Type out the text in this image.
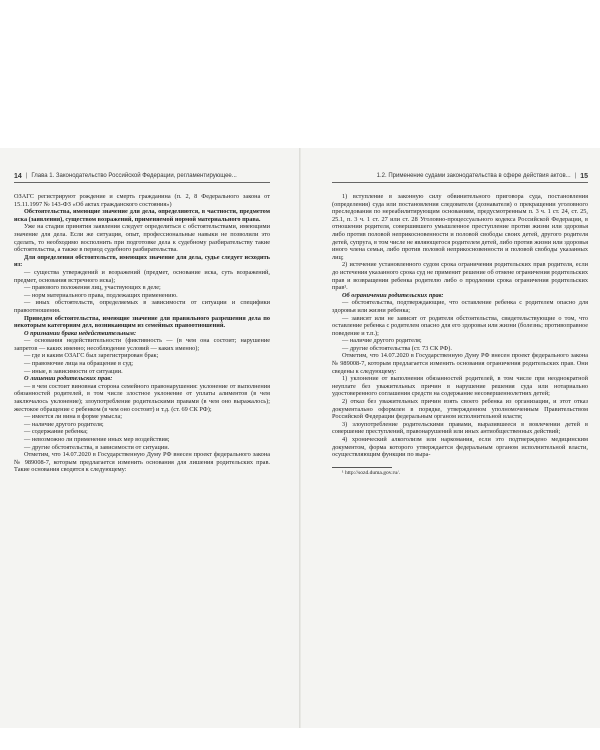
14 | Глава 1. Законодательство Российской Федерации, регламентирующее...

ОЗАГС регистрируют рождение и смерть гражданина (п. 2, 8 Федерального закона от 15.11.1997 № 143-ФЗ «Об актах гражданского состояния»)

Обстоятельства, имеющие значение для дела, определяются, в частности, предметом иска (заявления), существом возражений, применяемой нормой материального права.

Уже на стадии принятия заявления следует определиться с обстоятельствами, имеющими значение для дела. Если же ситуация, опыт, профессиональные навыки не позволили это сделать, то необходимо восполнить при подготовке дела к судебному разбирательству такие обстоятельства, а также в период судебного разбирательства.

Для определения обстоятельств, имеющих значение для дела, судье следует исходить из:

— существа утверждений и возражений (предмет, основание иска, суть возражений, предмет, основания встречного иска);

— правового положения лиц, участвующих в деле;

— норм материального права, подлежащих применению.

— иных обстоятельств, определяемых в зависимости от ситуации и специфики правоотношения.

Приведем обстоятельства, имеющие значение для правильного разрешения дела по некоторым категориям дел, возникающим из семейных правоотношений.

О признании брака недействительным:

— основания недействительности (фиктивность — (в чем она состоит; нарушение запретов — каких именно; несоблюдение условий — каких именно);

— где и каким ОЗАГС был зарегистрирован брак;

— правомочие лица на обращение в суд;

— иные, в зависимости от ситуации.

О лишении родительских прав:

— в чем состоит виновная сторона семейного правонарушения: уклонение от выполнения обязанностей родителей, в том числе злостное уклонение от уплаты алиментов (в чем заключалось уклонение); злоупотребление родительскими правами (в чем оно выражалось); жестокое обращение с ребенком (в чем оно состоит) и т.д. (ст. 69 СК РФ);

— имеется ли вина в форме умысла;

— наличие другого родителя;

— содержание ребенка;

— невозможно ли применение иных мер воздействия;

— другие обстоятельства, в зависимости от ситуации.

Отметим, что 14.07.2020 в Государственную Думу РФ внесен проект федерального закона № 989008-7, которым предлагается изменить основания для лишения родительских прав. Такие основания сводятся к следующему:

1.2. Применение судами законодательства в сфере действия актов... | 15

1) вступление в законную силу обвинительного приговора суда, постановления (определения) суда или постановления следователя (дознавателя) о прекращении уголовного преследования по нереабилитирующим основаниям, предусмотренным п. 3 ч. 1 ст. 24, ст. 25, 25.1, п. 3 ч. 1 ст. 27 или ст. 28 Уголовно-процессуального кодекса Российской Федерации, в отношении родителя, совершившего умышленное преступление против жизни или здоровья либо против половой неприкосновенности и половой свободы своих детей, другого родителя детей, супруга, в том числе не являющегося родителем детей, либо против жизни или здоровья иного члена семьи, либо против половой неприкосновенности и половой свободы указанных лиц;

2) истечение установленного судом срока ограничения родительских прав родителя, если до истечения указанного срока суд не применит решение об отмене ограничения родительских прав и возвращении ребенка родителю либо о продлении срока ограничения родительских прав¹.

Об ограничении родительских прав:

— обстоятельства, подтверждающие, что оставление ребенка с родителем опасно для здоровья или жизни ребенка;

— зависят или не зависят от родителя обстоятельства, свидетельствующие о том, что оставление ребенка с родителем опасно для его здоровья или жизни (болезнь; противоправное поведение и т.п.);

— наличие другого родителя;

— другие обстоятельства (ст. 73 СК РФ).

Отметим, что 14.07.2020 в Государственную Думу РФ внесен проект федерального закона № 989008-7, которым предлагается изменить основания ограничения родительских прав. Они сведены к следующему:

1) уклонение от выполнения обязанностей родителей, в том числе при неоднократной неуплате без уважительных причин в нарушение решения суда или нотариально удостоверенного соглашения средств на содержание несовершеннолетних детей;

2) отказ без уважительных причин взять своего ребенка из организации, и этот отказ документально оформлен в порядке, утвержденном уполномоченным Правительством Российской Федерации федеральным органом исполнительной власти;

3) злоупотребление родительскими правами, выразившееся в вовлечении детей в совершение преступлений, правонарушений или иных антиобщественных действий;

4) хронический алкоголизм или наркомания, если это подтверждено медицинским документом, форма которого утверждается федеральным органом исполнительной власти, осуществляющим функции по выра-

¹ http://sozd.duma.gov.ru/.
